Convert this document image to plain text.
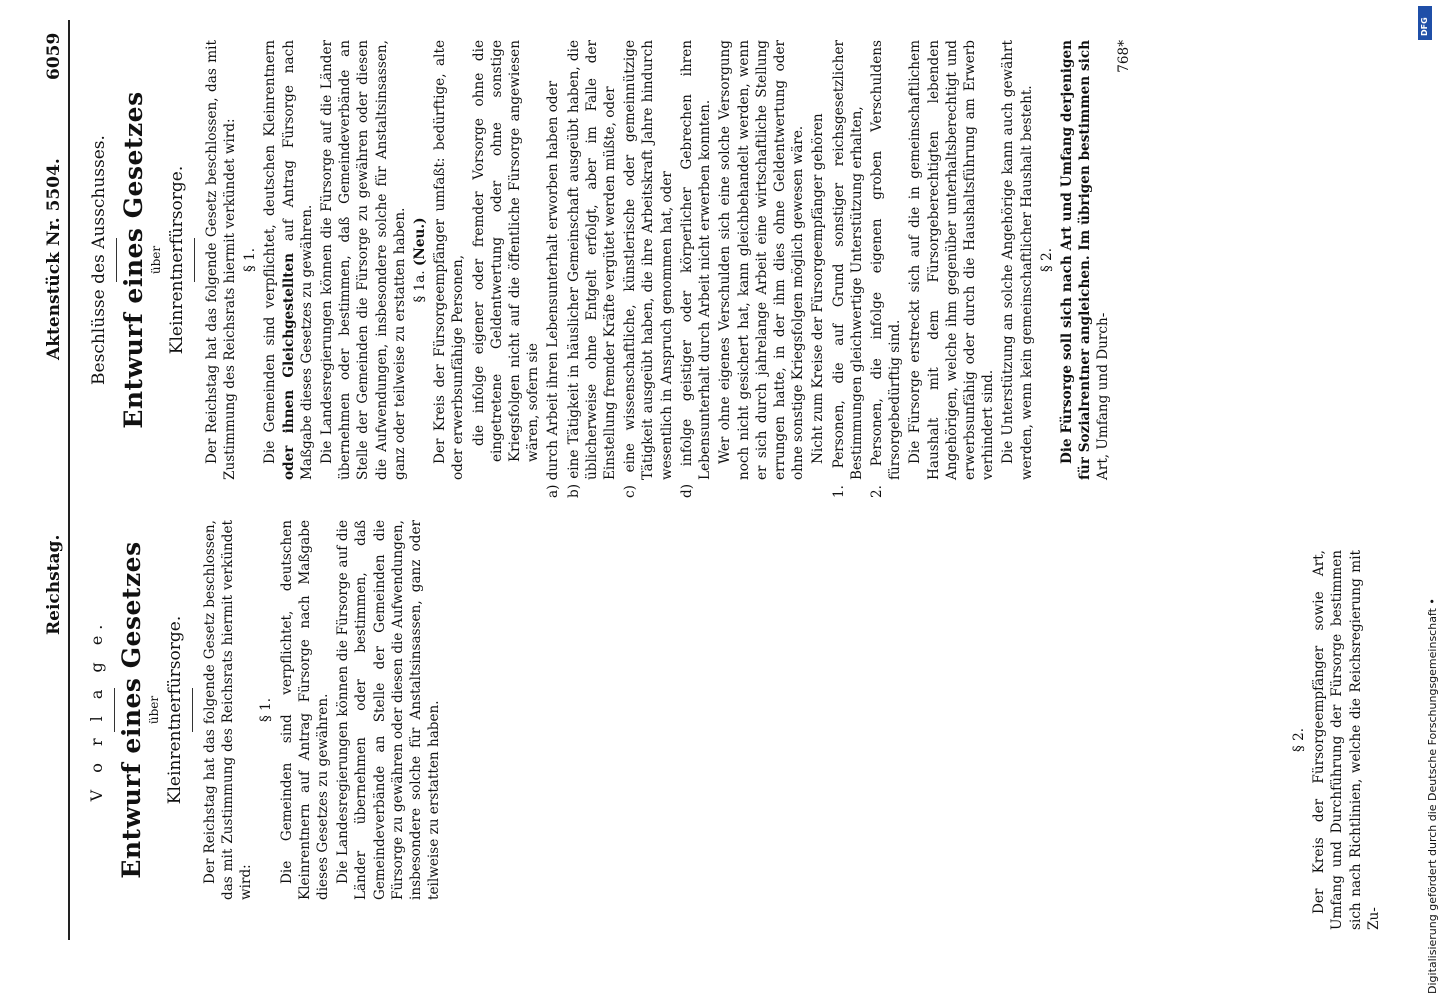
Reichstag.
Aktenstück Nr. 5504.
6059
V o r l a g e. Entwurf eines Gesetzes über Kleinrentnerfürsorge. Der Reichstag hat das folgende Gesetz beschlossen, das mit Zustimmung des Reichsrats hiermit verkündet wird:

§ 1. Die Gemeinden sind verpflichtet, deutschen Kleinrentnern auf Antrag Fürsorge nach Maßgabe dieses Gesetzes zu gewähren. Die Landesregierungen können die Fürsorge auf die Länder übernehmen oder bestimmen, daß Gemeindeverbände an Stelle der Gemeinden die Fürsorge zu gewähren oder diesen die Aufwendungen, insbesondere solche für Anstaltsinsassen, ganz oder teilweise zu erstatten haben.	§ 2. Der Kreis der Fürsorgeempfänger sowie Art, Umfang und Durchführung der Fürsorge bestimmen sich nach Richtlinien, welche die Reichsregierung mit Zu-

Beschlüsse des Ausschusses. Entwurf eines Gesetzes über Kleinrentnerfürsorge. Der Reichstag hat das folgende Gesetz beschlossen, das mit Zustimmung des Reichsrats hiermit verkündet wird: § 1. Die Gemeinden sind verpflichtet, deutschen Kleinrentnern oder ihnen Gleichgestellten auf Antrag Fürsorge nach Maßgabe dieses Gesetzes zu gewähren. Die Landesregierungen können die Fürsorge auf die Länder übernehmen oder bestimmen, daß Gemeindeverbände an Stelle der Gemeinden die Fürsorge zu gewähren oder diesen die Aufwendungen, insbesondere solche für Anstaltsinsassen, ganz oder teilweise zu erstatten haben. § 1a. (Neu.) Der Kreis der Fürsorgeempfänger umfaßt: bedürftige, alte oder erwerbsunfähige Personen, die infolge eigener oder fremder Vorsorge ohne die eingetretene Geldentwertung oder ohne sonstige Kriegsfolgen nicht auf die öffentliche Fürsorge angewiesen wären, sofern sie a) durch Arbeit ihren Lebensunterhalt erworben haben oder b) eine Tätigkeit in häuslicher Gemeinschaft ausgeübt haben, die üblicherweise ohne Entgelt erfolgt, aber im Falle der Einstellung fremder Kräfte vergütet werden müßte, oder c) eine wissenschaftliche, künstlerische oder gemeinnützige Tätigkeit ausgeübt haben, die ihre Arbeitskraft Jahre hindurch wesentlich in Anspruch genommen hat, oder d) infolge geistiger oder körperlicher Gebrechen ihren Lebensunterhalt durch Arbeit nicht erwerben konnten. Wer ohne eigenes Verschulden sich eine solche Versorgung noch nicht gesichert hat, kann gleichbehandelt werden, wenn er sich durch jahrelange Arbeit eine wirtschaftliche Stellung errungen hatte, in der ihm dies ohne Geldentwertung oder ohne sonstige Kriegsfolgen möglich gewesen wäre. Nicht zum Kreise der Fürsorgeempfänger gehören 1. Personen, die auf Grund sonstiger reichsgesetzlicher Bestimmungen gleichwertige Unterstützung erhalten, 2. Personen, die infolge eigenen groben Verschuldens fürsorgebedürftig sind. Die Fürsorge erstreckt sich auf die in gemeinschaftlichem Haushalt mit dem Fürsorgeberechtigten lebenden Angehörigen, welche ihm gegenüber unterhaltsberechtigt und erwerbsunfähig oder durch die Haushaltsführung am Erwerb verhindert sind. Die Unterstützung an solche Angehörige kann auch gewährt werden, wenn kein gemeinschaftlicher Haushalt besteht. § 2. Die Fürsorge soll sich nach Art und Umfang derjenigen für Sozialrentner angleichen. Im übrigen bestimmen sich Art, Umfang und Durch-

768*

DFG
Digitalisierung gefördert durch die Deutsche Forschungsgemeinschaft •
